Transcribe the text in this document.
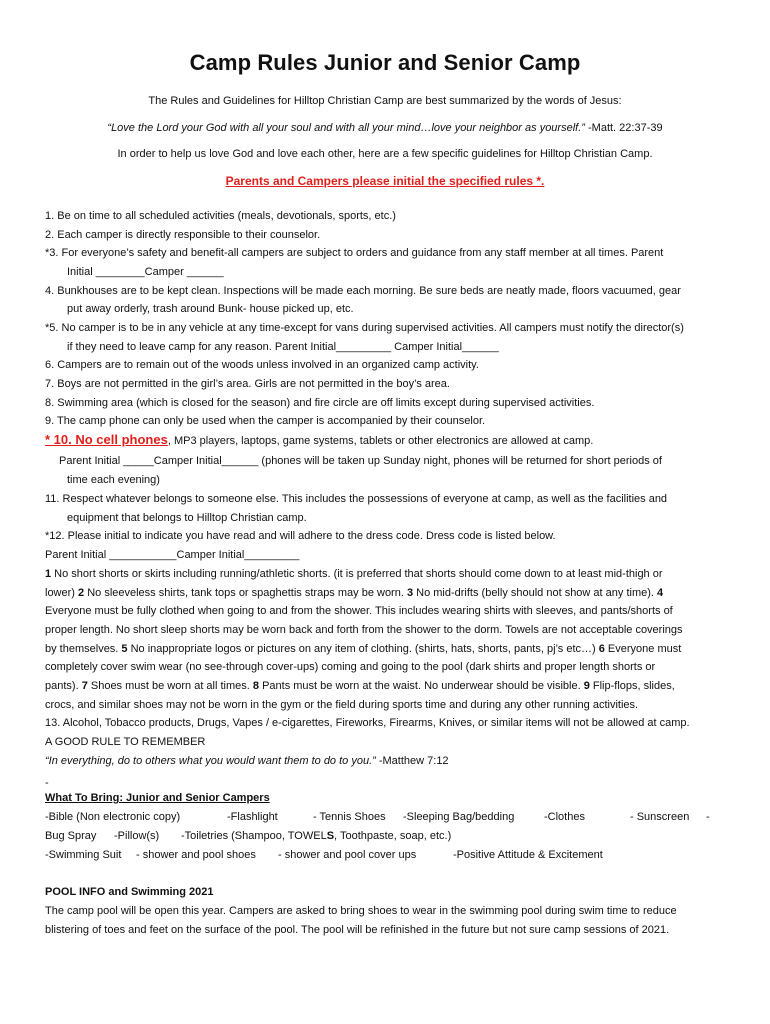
Camp Rules Junior and Senior Camp
The Rules and Guidelines for Hilltop Christian Camp are best summarized by the words of Jesus:
“Love the Lord your God with all your soul and with all your mind…love your neighbor as yourself.” -Matt. 22:37-39
In order to help us love God and love each other, here are a few specific guidelines for Hilltop Christian Camp.
Parents and Campers please initial the specified rules *.
1. Be on time to all scheduled activities (meals, devotionals, sports, etc.)
2. Each camper is directly responsible to their counselor.
*3. For everyone’s safety and benefit-all campers are subject to orders and guidance from any staff member at all times. Parent
Initial ________Camper ______
4. Bunkhouses are to be kept clean. Inspections will be made each morning. Be sure beds are neatly made, floors vacuumed, gear
put away orderly, trash around Bunk- house picked up, etc.
*5. No camper is to be in any vehicle at any time-except for vans during supervised activities. All campers must notify the director(s)
if they need to leave camp for any reason. Parent Initial_________ Camper Initial______
6. Campers are to remain out of the woods unless involved in an organized camp activity.
7. Boys are not permitted in the girl’s area. Girls are not permitted in the boy’s area.
8. Swimming area (which is closed for the season) and fire circle are off limits except during supervised activities.
9. The camp phone can only be used when the camper is accompanied by their counselor.
* 10. No cell phones, MP3 players, laptops, game systems, tablets or other electronics are allowed at camp.
Parent Initial _____Camper Initial______ (phones will be taken up Sunday night, phones will be returned for short periods of
time each evening)
11. Respect whatever belongs to someone else. This includes the possessions of everyone at camp, as well as the facilities and
equipment that belongs to Hilltop Christian camp.
*12. Please initial to indicate you have read and will adhere to the dress code. Dress code is listed below.
Parent Initial ___________Camper Initial_________
1 No short shorts or skirts including running/athletic shorts. (it is preferred that shorts should come down to at least mid-thigh or
lower) 2 No sleeveless shirts, tank tops or spaghettis straps may be worn. 3 No mid-drifts (belly should not show at any time). 4
Everyone must be fully clothed when going to and from the shower. This includes wearing shirts with sleeves, and pants/shorts of
proper length. No short sleep shorts may be worn back and forth from the shower to the dorm. Towels are not acceptable coverings
by themselves. 5 No inappropriate logos or pictures on any item of clothing. (shirts, hats, shorts, pants, pj’s etc…) 6 Everyone must
completely cover swim wear (no see-through cover-ups) coming and going to the pool (dark shirts and proper length shorts or
pants). 7 Shoes must be worn at all times. 8 Pants must be worn at the waist. No underwear should be visible. 9 Flip-flops, slides,
crocs, and similar shoes may not be worn in the gym or the field during sports time and during any other running activities.
13. Alcohol, Tobacco products, Drugs, Vapes / e-cigarettes, Fireworks, Firearms, Knives, or similar items will not be allowed at camp.
A GOOD RULE TO REMEMBER
“In everything, do to others what you would want them to do to you.” -Matthew 7:12
-
What To Bring: Junior and Senior Campers
-Bible (Non electronic copy)	-Flashlight	- Tennis Shoes -Sleeping Bag/bedding	-Clothes	- Sunscreen -
Bug Spray -Pillow(s) -Toiletries (Shampoo, TOWELS, Toothpaste, soap, etc.)
-Swimming Suit - shower and pool shoes - shower and pool cover ups	-Positive Attitude & Excitement
POOL INFO and Swimming 2021
The camp pool will be open this year. Campers are asked to bring shoes to wear in the swimming pool during swim time to reduce
blistering of toes and feet on the surface of the pool. The pool will be refinished in the future but not sure camp sessions of 2021.
